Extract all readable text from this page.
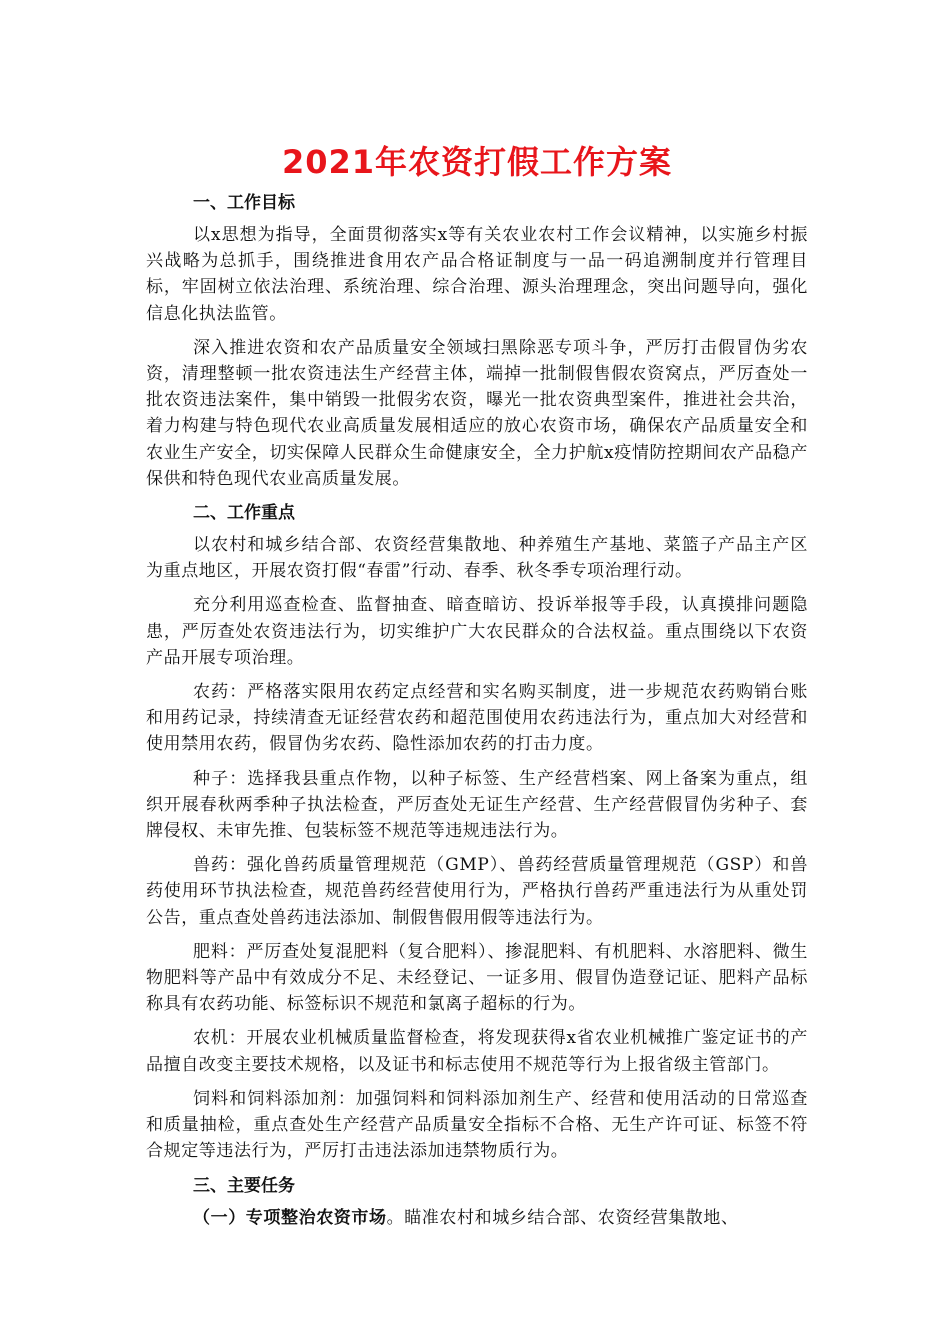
2021年农资打假工作方案
一、工作目标

以x思想为指导，全面贯彻落实x等有关农业农村工作会议精神，以实施乡村振兴战略为总抓手，围绕推进食用农产品合格证制度与一品一码追溯制度并行管理目标，牢固树立依法治理、系统治理、综合治理、源头治理理念，突出问题导向，强化信息化执法监管。

深入推进农资和农产品质量安全领域扫黑除恶专项斗争，严厉打击假冒伪劣农资，清理整顿一批农资违法生产经营主体，端掉一批制假售假农资窝点，严厉查处一批农资违法案件，集中销毁一批假劣农资，曝光一批农资典型案件，推进社会共治，着力构建与特色现代农业高质量发展相适应的放心农资市场，确保农产品质量安全和农业生产安全，切实保障人民群众生命健康安全，全力护航x疫情防控期间农产品稳产保供和特色现代农业高质量发展。

二、工作重点

以农村和城乡结合部、农资经营集散地、种养殖生产基地、菜篮子产品主产区为重点地区，开展农资打假“春雷”行动、春季、秋冬季专项治理行动。

充分利用巡查检查、监督抽查、暗查暗访、投诉举报等手段，认真摸排问题隐患，严厉查处农资违法行为，切实维护广大农民群众的合法权益。重点围绕以下农资产品开展专项治理。

农药：严格落实限用农药定点经营和实名购买制度，进一步规范农药购销台账和用药记录，持续清查无证经营农药和超范围使用农药违法行为，重点加大对经营和使用禁用农药，假冒伪劣农药、隐性添加农药的打击力度。

种子：选择我县重点作物，以种子标签、生产经营档案、网上备案为重点，组织开展春秋两季种子执法检查，严厉查处无证生产经营、生产经营假冒伪劣种子、套牌侵权、未审先推、包装标签不规范等违规违法行为。

兽药：强化兽药质量管理规范（GMP）、兽药经营质量管理规范（GSP）和兽药使用环节执法检查，规范兽药经营使用行为，严格执行兽药严重违法行为从重处罚公告，重点查处兽药违法添加、制假售假用假等违法行为。

肥料：严厉查处复混肥料（复合肥料）、掺混肥料、有机肥料、水溶肥料、微生物肥料等产品中有效成分不足、未经登记、一证多用、假冒伪造登记证、肥料产品标称具有农药功能、标签标识不规范和氯离子超标的行为。

农机：开展农业机械质量监督检查，将发现获得x省农业机械推广鉴定证书的产品擅自改变主要技术规格，以及证书和标志使用不规范等行为上报省级主管部门。

饲料和饲料添加剂：加强饲料和饲料添加剂生产、经营和使用活动的日常巡查和质量抽检，重点查处生产经营产品质量安全指标不合格、无生产许可证、标签不符合规定等违法行为，严厉打击违法添加违禁物质行为。

三、主要任务

（一）专项整治农资市场。瞄准农村和城乡结合部、农资经营集散地、
